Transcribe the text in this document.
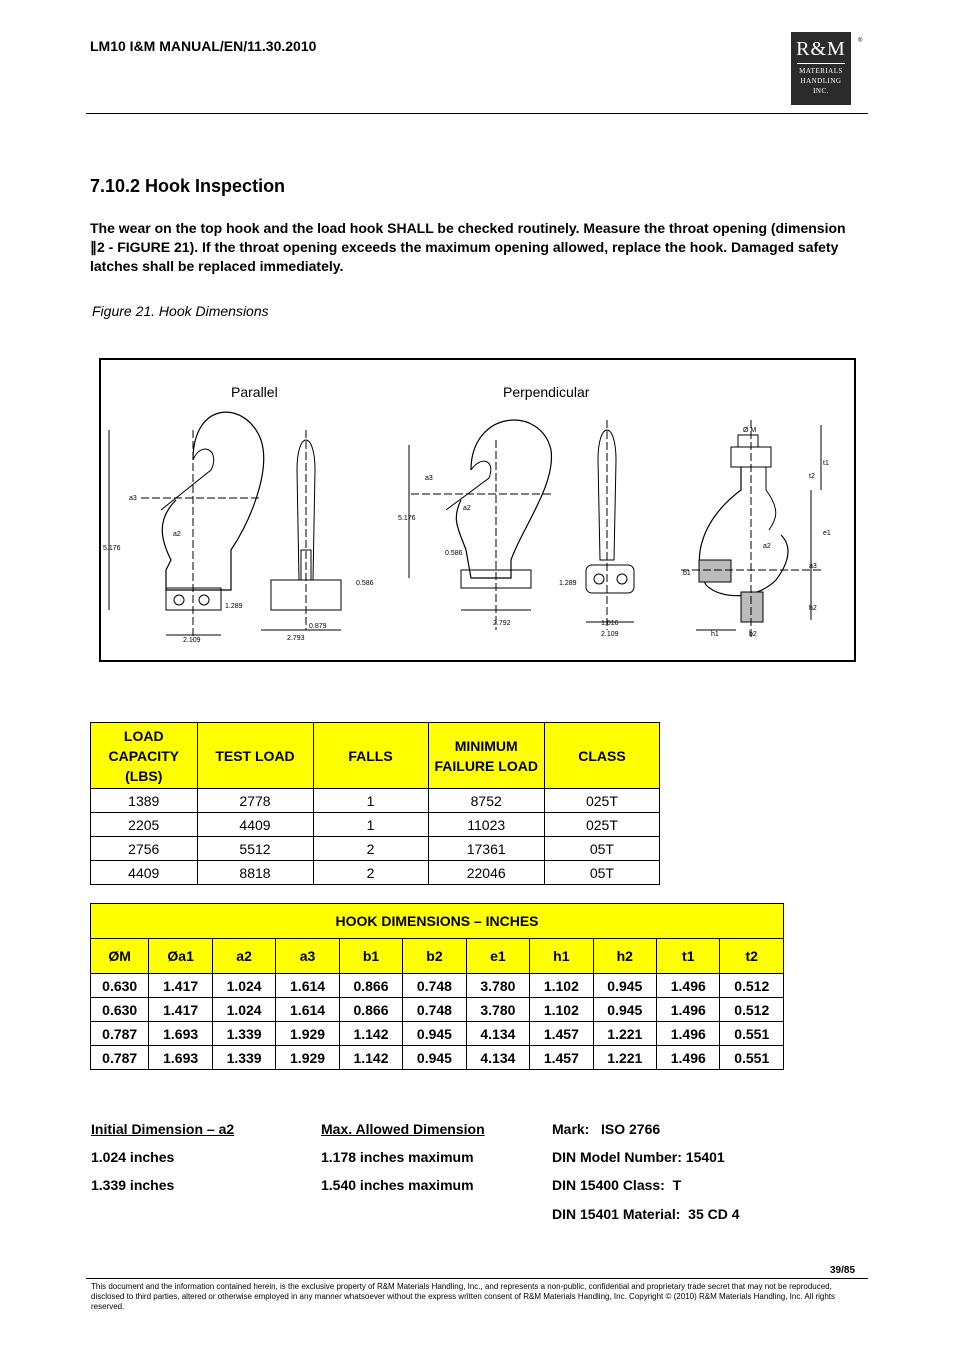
LM10 I&M MANUAL/EN/11.30.2010	R&M
MATERIALS
HANDLING
INC.
®
7.10.2 Hook Inspection
The wear on the top hook and the load hook SHALL be checked routinely. Measure the throat opening (dimension ∥2 - FIGURE 21). If the throat opening exceeds the maximum opening allowed, replace the hook. Damaged safety latches shall be replaced immediately.
Figure 21. Hook Dimensions
Parallel	Perpendicular
a3
a2
5.176
1.289
2.109	2.793
0.879
0.586
a3
a2
5.176
0.586
1.289
2.792	1.016
2.109
Ø M
t1
t2
e1
a2
a3
b1
h2
h1	b2
LOAD CAPACITY (LBS)	TEST LOAD	FALLS	MINIMUM FAILURE LOAD	CLASS
1389	2778	1	8752	025T
2205	4409	1	11023	025T
2756	5512	2	17361	05T
4409	8818	2	22046	05T
HOOK DIMENSIONS – INCHES										
ØM	Øa1	a2	a3	b1	b2	e1	h1	h2	t1	t2
0.630	1.417	1.024	1.614	0.866	0.748	3.780	1.102	0.945	1.496	0.512
0.630	1.417	1.024	1.614	0.866	0.748	3.780	1.102	0.945	1.496	0.512
0.787	1.693	1.339	1.929	1.142	0.945	4.134	1.457	1.221	1.496	0.551
0.787	1.693	1.339	1.929	1.142	0.945	4.134	1.457	1.221	1.496	0.551
Initial Dimension – a2
1.024 inches
1.339 inches
Max. Allowed Dimension
1.178 inches maximum
1.540 inches maximum
Mark:   ISO 2766
DIN Model Number: 15401
DIN 15400 Class:  T
DIN 15401 Material:  35 CD 4
39/85
This document and the information contained herein, is the exclusive property of R&M Materials Handling, Inc., and represents a non-public, confidential and proprietary trade secret that may not be reproduced, disclosed to third parties, altered or otherwise employed in any manner whatsoever without the express written consent of R&M Materials Handling, Inc. Copyright © (2010) R&M Materials Handling, Inc. All rights reserved.
